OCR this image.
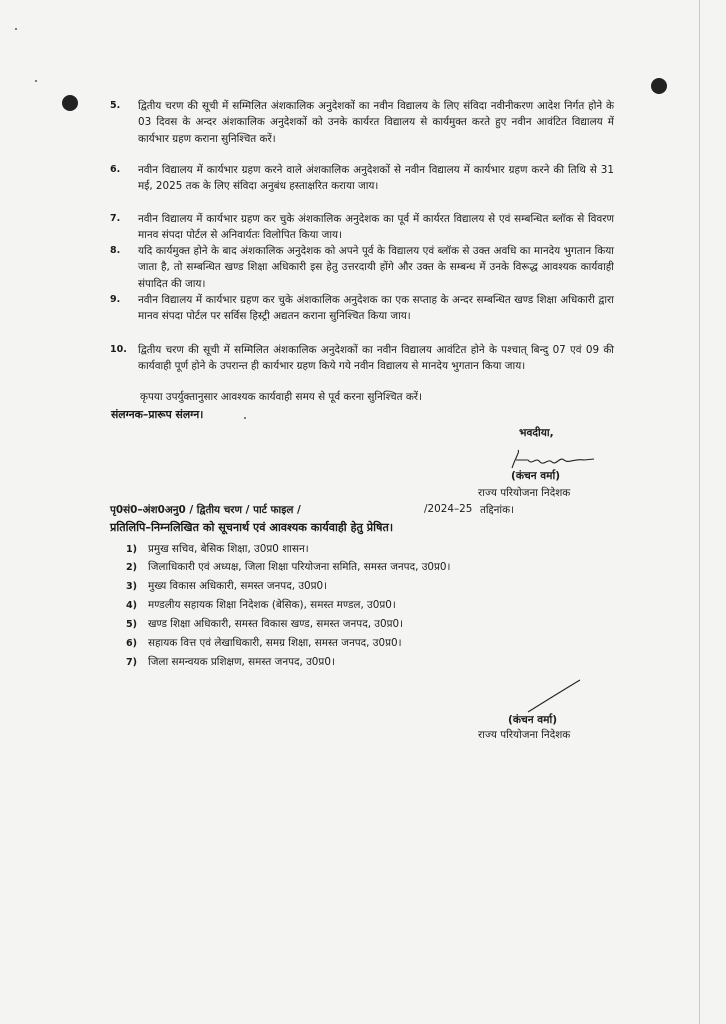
5.	द्वितीय चरण की सूची में सम्मिलित अंशकालिक अनुदेशकों का नवीन विद्यालय के लिए संविदा नवीनीकरण आदेश निर्गत होने के 03 दिवस के अन्दर अंशकालिक अनुदेशकों को उनके कार्यरत विद्यालय से कार्यमुक्त करते हुए नवीन आवंटित विद्यालय में कार्यभार ग्रहण कराना सुनिश्चित करें।
6.	नवीन विद्यालय में कार्यभार ग्रहण करने वाले अंशकालिक अनुदेशकों से नवीन विद्यालय में कार्यभार ग्रहण करने की तिथि से 31 मई, 2025 तक के लिए संविदा अनुबंध हस्ताक्षरित कराया जाय।
7.	नवीन विद्यालय में कार्यभार ग्रहण कर चुके अंशकालिक अनुदेशक का पूर्व में कार्यरत विद्यालय से एवं सम्बन्धित ब्लॉक से विवरण मानव संपदा पोर्टल से अनिवार्यतः विलोपित किया जाय।
8.	यदि कार्यमुक्त होने के बाद अंशकालिक अनुदेशक को अपने पूर्व के विद्यालय एवं ब्लॉक से उक्त अवधि का मानदेय भुगतान किया जाता है, तो सम्बन्धित खण्ड शिक्षा अधिकारी इस हेतु उत्तरदायी होंगे और उक्त के सम्बन्ध में उनके विरूद्ध आवश्यक कार्यवाही संपादित की जाय।
9.	नवीन विद्यालय में कार्यभार ग्रहण कर चुके अंशकालिक अनुदेशक का एक सप्ताह के अन्दर सम्बन्धित खण्ड शिक्षा अधिकारी द्वारा मानव संपदा पोर्टल पर सर्विस हिस्ट्री अद्यतन कराना सुनिश्चित किया जाय।
10.	द्वितीय चरण की सूची में सम्मिलित अंशकालिक अनुदेशकों का नवीन विद्यालय आवंटित होने के पश्चात् बिन्दु 07 एवं 09 की कार्यवाही पूर्ण होने के उपरान्त ही कार्यभार ग्रहण किये गये नवीन विद्यालय से मानदेय भुगतान किया जाय।
कृपया उपर्युक्तानुसार आवश्यक कार्यवाही समय से पूर्व करना सुनिश्चित करें।
संलग्नक–प्रारूप संलग्न।
भवदीया,
(कंचन वर्मा)
राज्य परियोजना निदेशक
पृ0सं0–अंश0अनु0 / द्वितीय चरण / पार्ट फाइल /	/2024–25 तद्दिनांक।
प्रतिलिपि–निम्नलिखित को सूचनार्थ एवं आवश्यक कार्यवाही हेतु प्रेषित।
1) प्रमुख सचिव, बेसिक शिक्षा, उ0प्र0 शासन।
2) जिलाधिकारी एवं अध्यक्ष, जिला शिक्षा परियोजना समिति, समस्त जनपद, उ0प्र0।
3) मुख्य विकास अधिकारी, समस्त जनपद, उ0प्र0।
4) मण्डलीय सहायक शिक्षा निदेशक (बेसिक), समस्त मण्डल, उ0प्र0।
5) खण्ड शिक्षा अधिकारी, समस्त विकास खण्ड, समस्त जनपद, उ0प्र0।
6) सहायक वित्त एवं लेखाधिकारी, समग्र शिक्षा, समस्त जनपद, उ0प्र0।
7) जिला समन्वयक प्रशिक्षण, समस्त जनपद, उ0प्र0।
(कंचन वर्मा)
राज्य परियोजना निदेशक
